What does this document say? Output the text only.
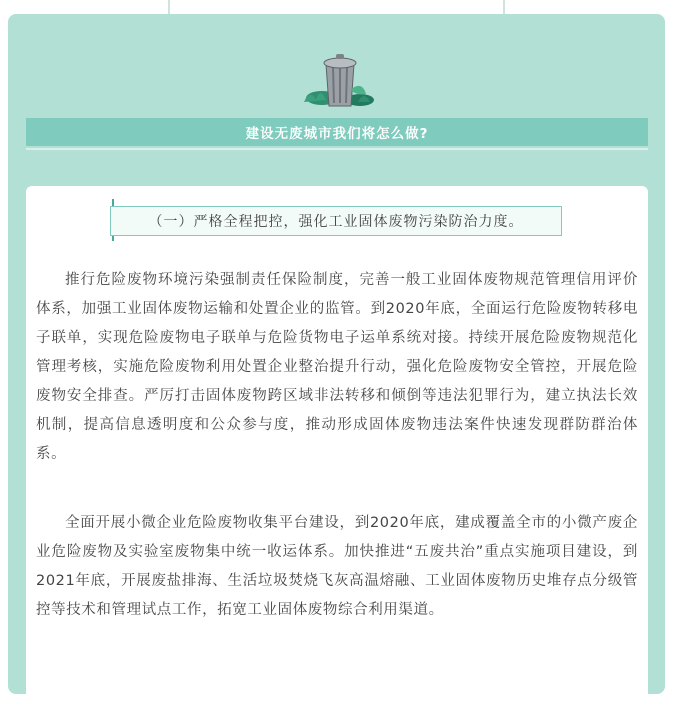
建设无废城市我们将怎么做?
（一）严格全程把控，强化工业固体废物污染防治力度。

推行危险废物环境污染强制责任保险制度，完善一般工业固体废物规范管理信用评价体系，加强工业固体废物运输和处置企业的监管。到2020年底，全面运行危险废物转移电子联单，实现危险废物电子联单与危险货物电子运单系统对接。持续开展危险废物规范化管理考核，实施危险废物利用处置企业整治提升行动，强化危险废物安全管控，开展危险废物安全排查。严厉打击固体废物跨区域非法转移和倾倒等违法犯罪行为，建立执法长效机制，提高信息透明度和公众参与度，推动形成固体废物违法案件快速发现群防群治体系。

全面开展小微企业危险废物收集平台建设，到2020年底，建成覆盖全市的小微产废企业危险废物及实验室废物集中统一收运体系。加快推进“五废共治”重点实施项目建设，到2021年底，开展废盐排海、生活垃圾焚烧飞灰高温熔融、工业固体废物历史堆存点分级管控等技术和管理试点工作，拓宽工业固体废物综合利用渠道。
